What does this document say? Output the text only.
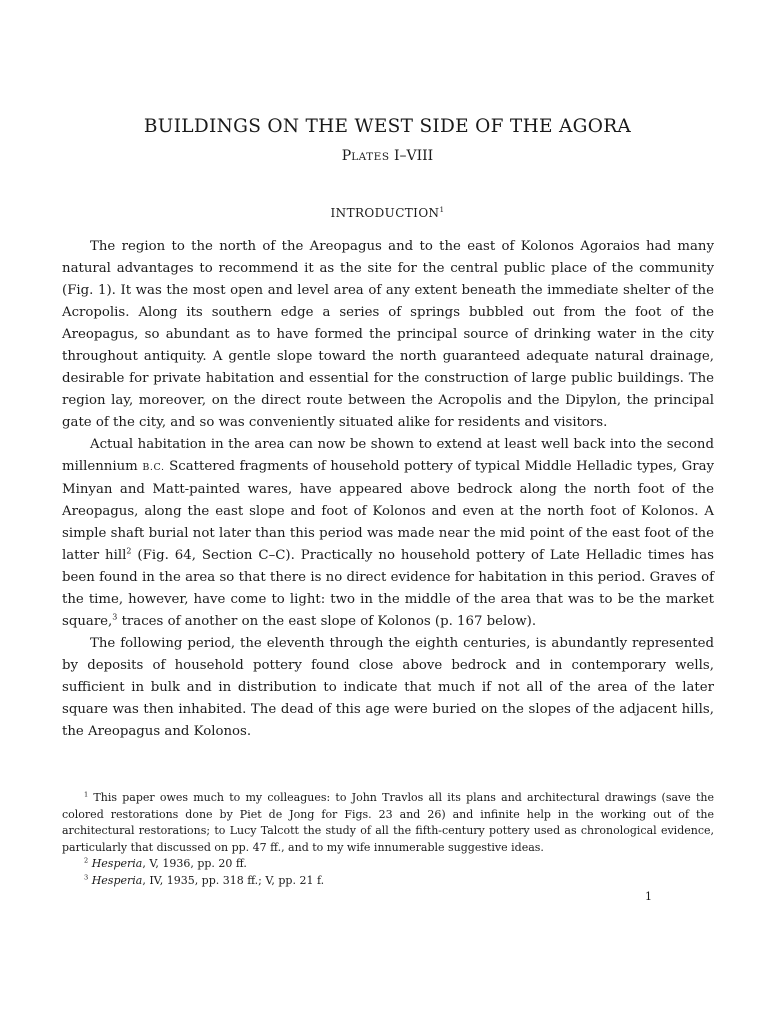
BUILDINGS ON THE WEST SIDE OF THE AGORA
PLATES I–VIII
INTRODUCTION$^1$

The region to the north of the Areopagus and to the east of Kolonos Agoraios had many natural advantages to recommend it as the site for the central public place of the community (Fig. 1). It was the most open and level area of any extent beneath the immediate shelter of the Acropolis. Along its southern edge a series of springs bubbled out from the foot of the Areopagus, so abundant as to have formed the principal source of drinking water in the city throughout antiquity. A gentle slope toward the north guaranteed adequate natural drainage, desirable for private habitation and essential for the construction of large public buildings. The region lay, moreover, on the direct route between the Acropolis and the Dipylon, the principal gate of the city, and so was conveniently situated alike for residents and visitors.

Actual habitation in the area can now be shown to extend at least well back into the second millennium B.C. Scattered fragments of household pottery of typical Middle Helladic types, Gray Minyan and Matt-painted wares, have appeared above bedrock along the north foot of the Areopagus, along the east slope and foot of Kolonos and even at the north foot of Kolonos. A simple shaft burial not later than this period was made near the mid point of the east foot of the latter hill$^2$ (Fig. 64, Section C–C). Practically no household pottery of Late Helladic times has been found in the area so that there is no direct evidence for habitation in this period. Graves of the time, however, have come to light: two in the middle of the area that was to be the market square,$^3$ traces of another on the east slope of Kolonos (p. 167 below).

The following period, the eleventh through the eighth centuries, is abundantly represented by deposits of household pottery found close above bedrock and in contemporary wells, sufficient in bulk and in distribution to indicate that much if not all of the area of the later square was then inhabited. The dead of this age were buried on the slopes of the adjacent hills, the Areopagus and Kolonos.

$^1$ This paper owes much to my colleagues: to John Travlos all its plans and architectural drawings (save the colored restorations done by Piet de Jong for Figs. 23 and 26) and infinite help in the working out of the architectural restorations; to Lucy Talcott the study of all the fifth-century pottery used as chronological evidence, particularly that discussed on pp. 47 ff., and to my wife innumerable suggestive ideas.

$^2$ Hesperia, V, 1936, pp. 20 ff.

$^3$ Hesperia, IV, 1935, pp. 318 ff.; V, pp. 21 f.

1
